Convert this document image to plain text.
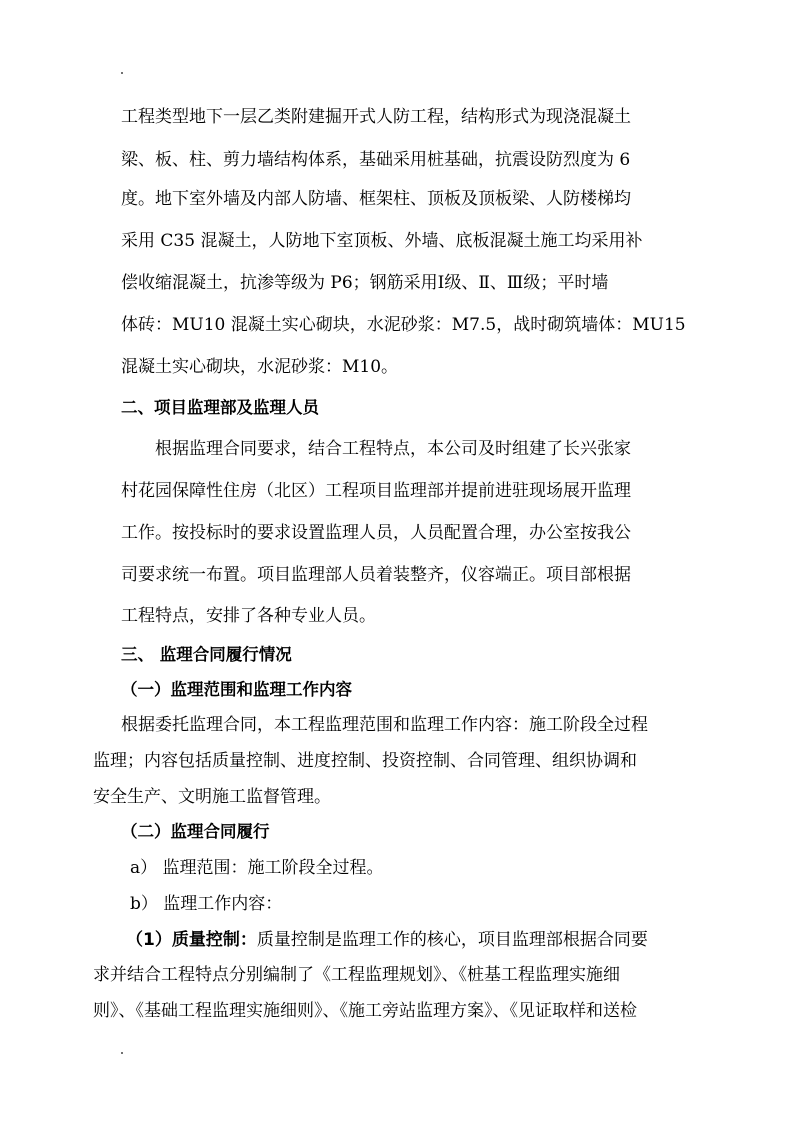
工程类型地下一层乙类附建掘开式人防工程，结构形式为现浇混凝土
梁、板、柱、剪力墙结构体系，基础采用桩基础，抗震设防烈度为 6
度。地下室外墙及内部人防墙、框架柱、顶板及顶板梁、人防楼梯均
采用 C35 混凝土，人防地下室顶板、外墙、底板混凝土施工均采用补
偿收缩混凝土，抗渗等级为 P6；钢筋采用Ⅰ级、Ⅱ、Ⅲ级；平时墙
体砖：MU10 混凝土实心砌块，水泥砂浆：M7.5，战时砌筑墙体：MU15
混凝土实心砌块，水泥砂浆：M10。
二、项目监理部及监理人员
根据监理合同要求，结合工程特点，本公司及时组建了长兴张家
村花园保障性住房（北区）工程项目监理部并提前进驻现场展开监理
工作。按投标时的要求设置监理人员，人员配置合理，办公室按我公
司要求统一布置。项目监理部人员着装整齐，仪容端正。项目部根据
工程特点，安排了各种专业人员。
三、 监理合同履行情况
（一）监理范围和监理工作内容
根据委托监理合同，本工程监理范围和监理工作内容：施工阶段全过程
监理；内容包括质量控制、进度控制、投资控制、合同管理、组织协调和
安全生产、文明施工监督管理。
（二）监理合同履行
a） 监理范围：施工阶段全过程。
b） 监理工作内容：
（1）质量控制：质量控制是监理工作的核心，项目监理部根据合同要
求并结合工程特点分别编制了《工程监理规划》、《桩基工程监理实施细
则》、《基础工程监理实施细则》、《施工旁站监理方案》、《见证取样和送检
